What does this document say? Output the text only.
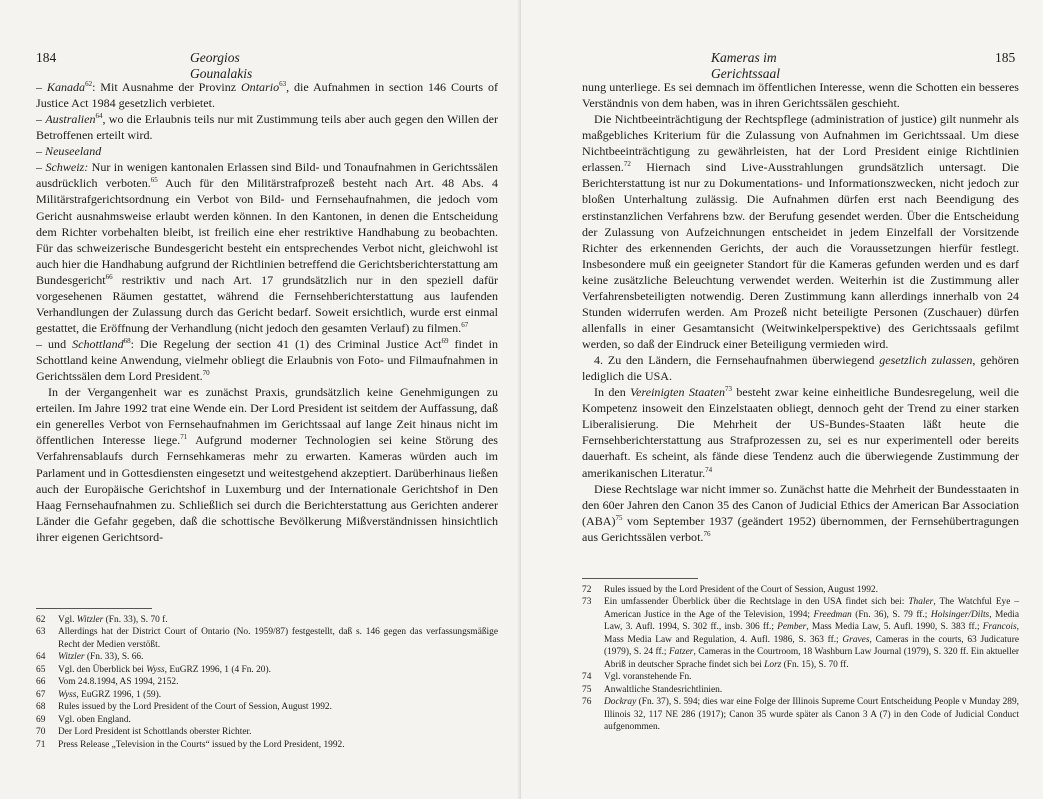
184	Georgios Gounalakis

– Kanada$^{62}$: Mit Ausnahme der Provinz Ontario$^{63}$, die Aufnahmen in section 146 Courts of Justice Act 1984 gesetzlich verbietet.

– Australien$^{64}$, wo die Erlaubnis teils nur mit Zustimmung teils aber auch gegen den Willen der Betroffenen erteilt wird.

– Neuseeland

– Schweiz: Nur in wenigen kantonalen Erlassen sind Bild- und Tonaufnahmen in Gerichtssälen ausdrücklich verboten.$^{65}$ Auch für den Militärstrafprozeß besteht nach Art. 48 Abs. 4 Militärstrafgerichtsordnung ein Verbot von Bild- und Fernsehaufnahmen, die jedoch vom Gericht ausnahmsweise erlaubt werden können. In den Kantonen, in denen die Entscheidung dem Richter vorbehalten bleibt, ist freilich eine eher restriktive Handhabung zu beobachten. Für das schweizerische Bundesgericht besteht ein entsprechendes Verbot nicht, gleichwohl ist auch hier die Handhabung aufgrund der Richtlinien betreffend die Gerichtsberichterstattung am Bundesgericht$^{66}$ restriktiv und nach Art. 17 grundsätzlich nur in den speziell dafür vorgesehenen Räumen gestattet, während die Fernsehberichterstattung aus laufenden Verhandlungen der Zulassung durch das Gericht bedarf. Soweit ersichtlich, wurde erst einmal gestattet, die Eröffnung der Verhandlung (nicht jedoch den gesamten Verlauf) zu filmen.$^{67}$

– und Schottland$^{68}$: Die Regelung der section 41 (1) des Criminal Justice Act$^{69}$ findet in Schottland keine Anwendung, vielmehr obliegt die Erlaubnis von Foto- und Filmaufnahmen in Gerichtssälen dem Lord President.$^{70}$

In der Vergangenheit war es zunächst Praxis, grundsätzlich keine Genehmigungen zu erteilen. Im Jahre 1992 trat eine Wende ein. Der Lord President ist seitdem der Auffassung, daß ein generelles Verbot von Fernsehaufnahmen im Gerichtssaal auf lange Zeit hinaus nicht im öffentlichen Interesse liege.$^{71}$ Aufgrund moderner Technologien sei keine Störung des Verfahrensablaufs durch Fernsehkameras mehr zu erwarten. Kameras würden auch im Parlament und in Gottesdiensten eingesetzt und weitestgehend akzeptiert. Darüberhinaus ließen auch der Europäische Gerichtshof in Luxemburg und der Internationale Gerichtshof in Den Haag Fernsehaufnahmen zu. Schließlich sei durch die Berichterstattung aus Gerichten anderer Länder die Gefahr gegeben, daß die schottische Bevölkerung Mißverständnissen hinsichtlich ihrer eigenen Gerichtsord-

62	Vgl. Witzler (Fn. 33), S. 70 f.
63	Allerdings hat der District Court of Ontario (No. 1959/87) festgestellt, daß s. 146 gegen das verfassungsmäßige Recht der Medien verstößt.
64	Witzler (Fn. 33), S. 66.
65	Vgl. den Überblick bei Wyss, EuGRZ 1996, 1 (4 Fn. 20).
66	Vom 24.8.1994, AS 1994, 2152.
67	Wyss, EuGRZ 1996, 1 (59).
68	Rules issued by the Lord President of the Court of Session, August 1992.
69	Vgl. oben England.
70	Der Lord President ist Schottlands oberster Richter.
71	Press Release „Television in the Courts“ issued by the Lord President, 1992.
Kameras im Gerichtssaal
185

nung unterliege. Es sei demnach im öffentlichen Interesse, wenn die Schotten ein besseres Verständnis von dem haben, was in ihren Gerichtssälen geschieht.

Die Nichtbeeinträchtigung der Rechtspflege (administration of justice) gilt nunmehr als maßgebliches Kriterium für die Zulassung von Aufnahmen im Gerichtssaal. Um diese Nichtbeeinträchtigung zu gewährleisten, hat der Lord President einige Richtlinien erlassen.$^{72}$ Hiernach sind Live-Ausstrahlungen grundsätzlich untersagt. Die Berichterstattung ist nur zu Dokumentations- und Informationszwecken, nicht jedoch zur bloßen Unterhaltung zulässig. Die Aufnahmen dürfen erst nach Beendigung des erstinstanzlichen Verfahrens bzw. der Berufung gesendet werden. Über die Entscheidung der Zulassung von Aufzeichnungen entscheidet in jedem Einzelfall der Vorsitzende Richter des erkennenden Gerichts, der auch die Voraussetzungen hierfür festlegt. Insbesondere muß ein geeigneter Standort für die Kameras gefunden werden und es darf keine zusätzliche Beleuchtung verwendet werden. Weiterhin ist die Zustimmung aller Verfahrensbeteiligten notwendig. Deren Zustimmung kann allerdings innerhalb von 24 Stunden widerrufen werden. Am Prozeß nicht beteiligte Personen (Zuschauer) dürfen allenfalls in einer Gesamtansicht (Weitwinkelperspektive) des Gerichtssaals gefilmt werden, so daß der Eindruck einer Beteiligung vermieden wird.

4. Zu den Ländern, die Fernsehaufnahmen überwiegend gesetzlich zulassen, gehören lediglich die USA.

In den Vereinigten Staaten$^{73}$ besteht zwar keine einheitliche Bundesregelung, weil die Kompetenz insoweit den Einzelstaaten obliegt, dennoch geht der Trend zu einer starken Liberalisierung. Die Mehrheit der US-Bundes-Staaten läßt heute die Fernsehberichterstattung aus Strafprozessen zu, sei es nur experimentell oder bereits dauerhaft. Es scheint, als fände diese Tendenz auch die überwiegende Zustimmung der amerikanischen Literatur.$^{74}$

Diese Rechtslage war nicht immer so. Zunächst hatte die Mehrheit der Bundesstaaten in den 60er Jahren den Canon 35 des Canon of Judicial Ethics der American Bar Association (ABA)$^{75}$ vom September 1937 (geändert 1952) übernommen, der Fernsehübertragungen aus Gerichtssälen verbot.$^{76}$

72	Rules issued by the Lord President of the Court of Session, August 1992.
73	Ein umfassender Überblick über die Rechtslage in den USA findet sich bei: Thaler, The Watchful Eye – American Justice in the Age of the Television, 1994; Freedman (Fn. 36), S. 79 ff.; Holsinger/Dilts, Media Law, 3. Aufl. 1994, S. 302 ff., insb. 306 ff.; Pember, Mass Media Law, 5. Aufl. 1990, S. 383 ff.; Francois, Mass Media Law and Regulation, 4. Aufl. 1986, S. 363 ff.; Graves, Cameras in the courts, 63 Judicature (1979), S. 24 ff.; Fatzer, Cameras in the Courtroom, 18 Washburn Law Journal (1979), S. 320 ff. Ein aktueller Abriß in deutscher Sprache findet sich bei Lorz (Fn. 15), S. 70 ff.
74	Vgl. voranstehende Fn.
75	Anwaltliche Standesrichtlinien.
76	Dockray (Fn. 37), S. 594; dies war eine Folge der Illinois Supreme Court Entscheidung People v Munday 289, Illinois 32, 117 NE 286 (1917); Canon 35 wurde später als Canon 3 A (7) in den Code of Judicial Conduct aufgenommen.
